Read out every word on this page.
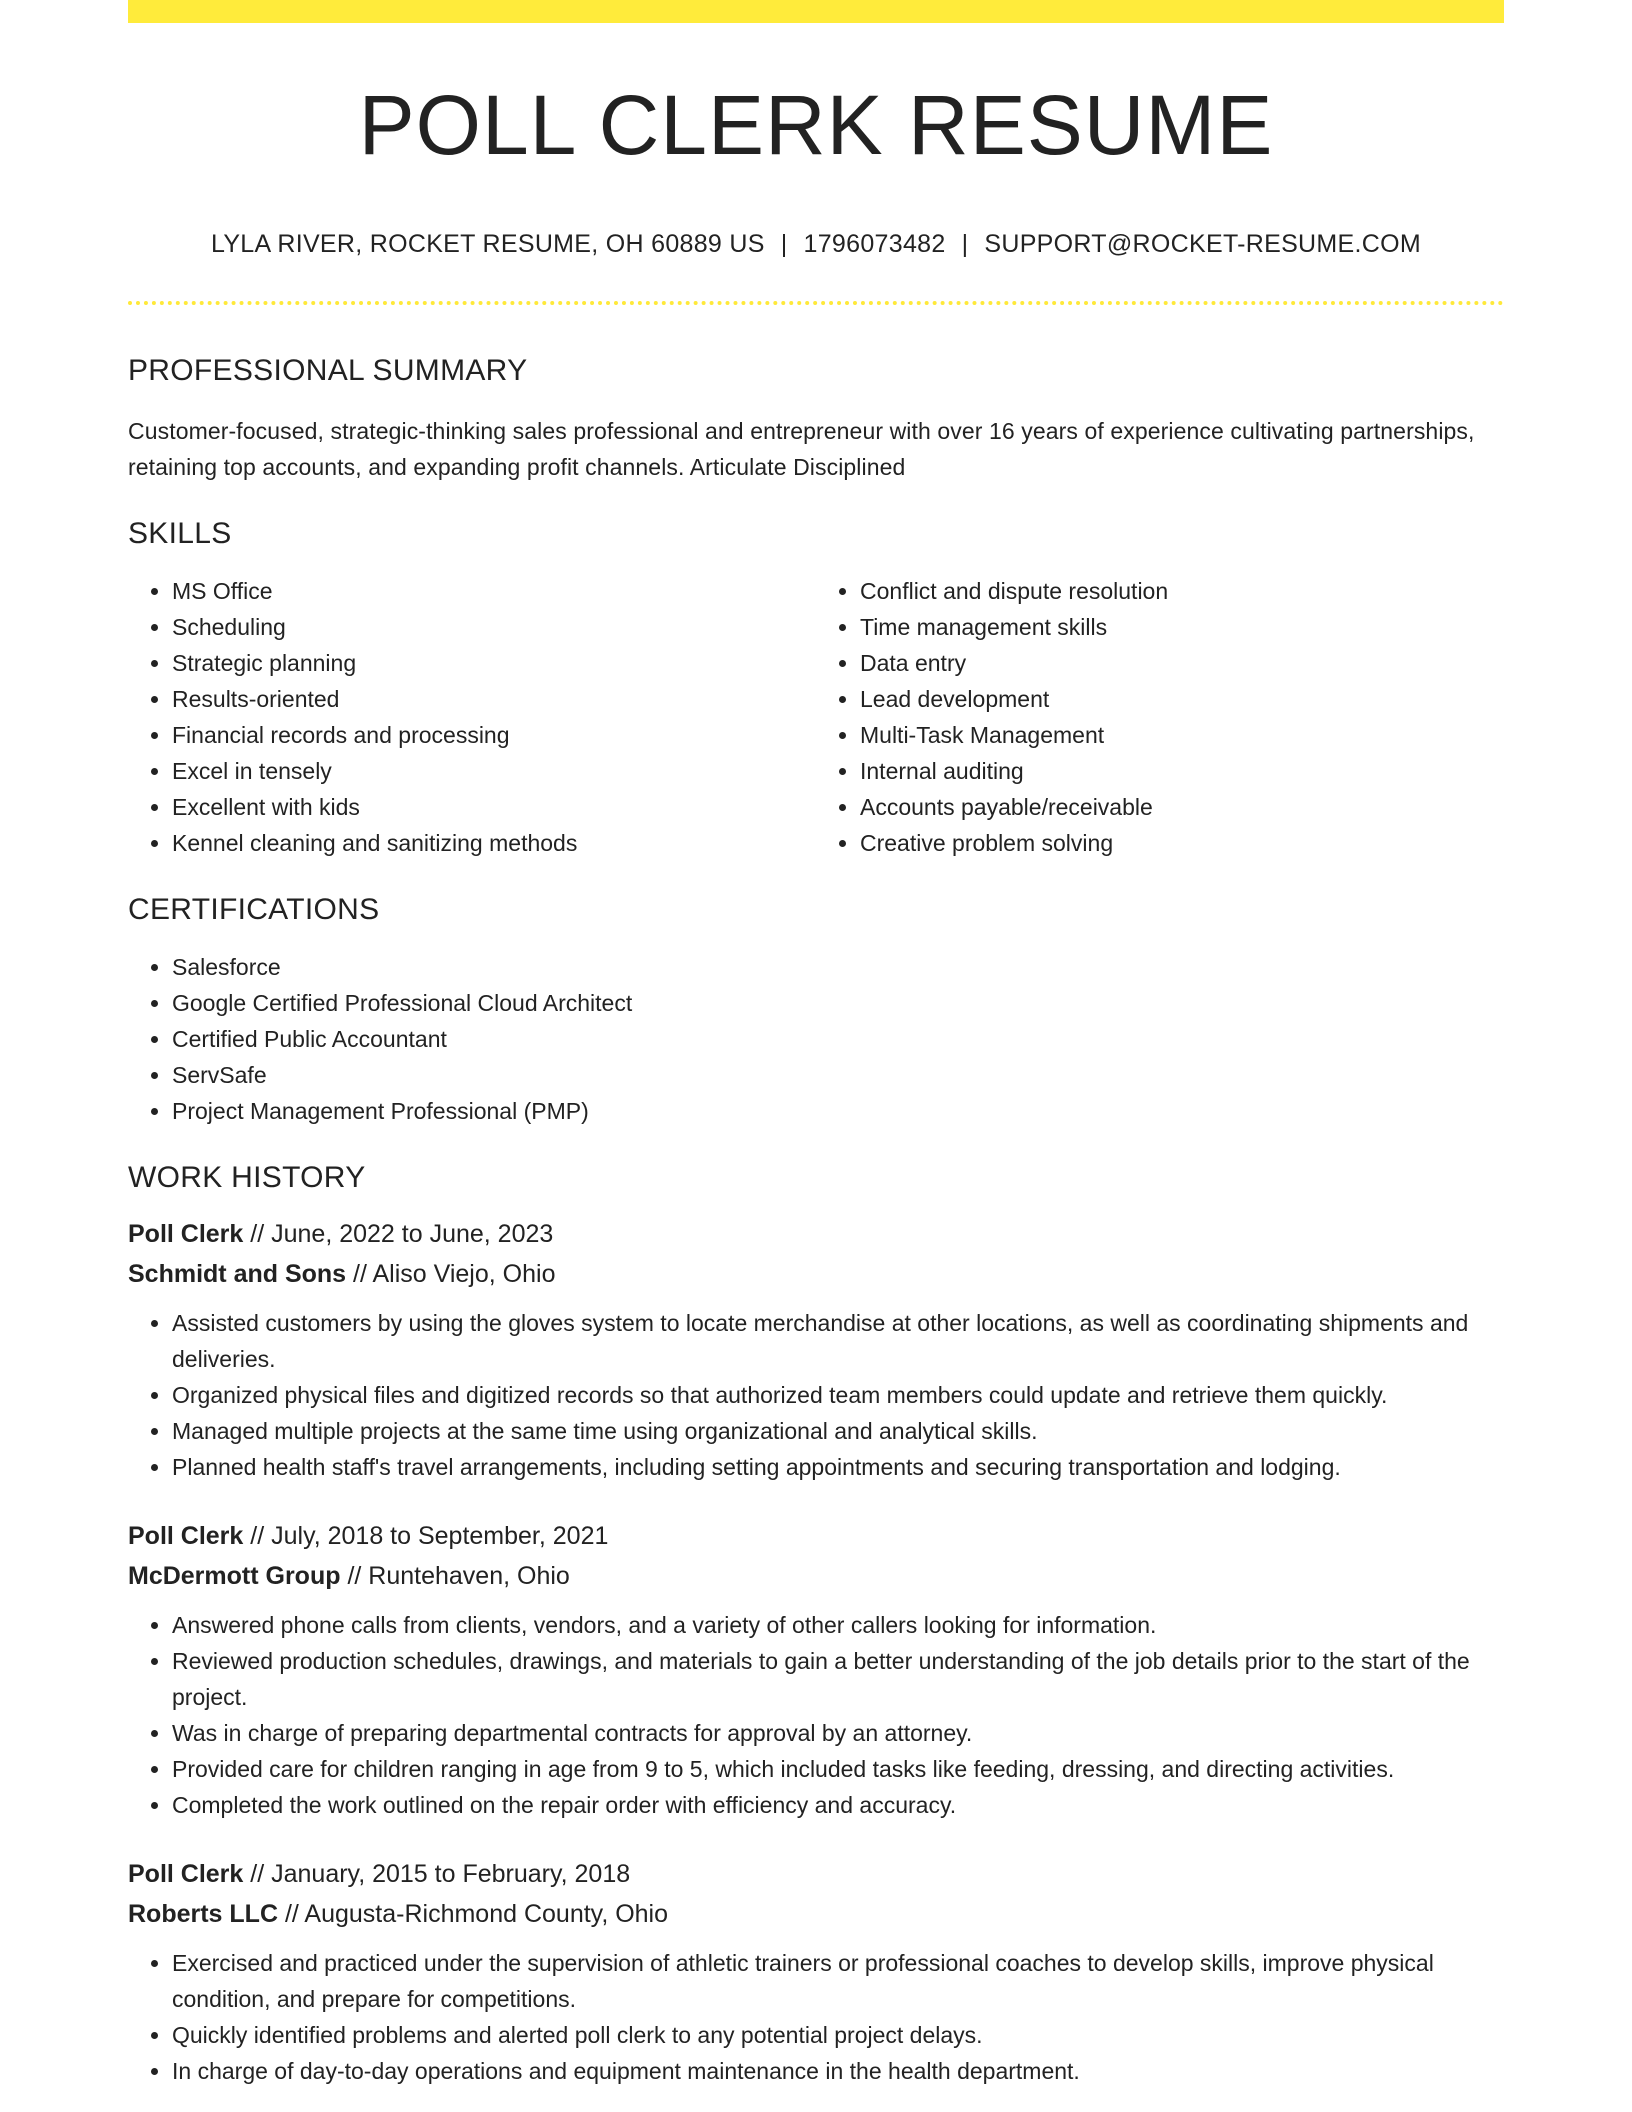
POLL CLERK RESUME
LYLA RIVER, ROCKET RESUME, OH 60889 US | 1796073482 | SUPPORT@ROCKET-RESUME.COM
PROFESSIONAL SUMMARY
Customer-focused, strategic-thinking sales professional and entrepreneur with over 16 years of experience cultivating partnerships, retaining top accounts, and expanding profit channels. Articulate Disciplined
SKILLS
• MS Office
• Scheduling
• Strategic planning
• Results-oriented
• Financial records and processing
• Excel in tensely
• Excellent with kids
• Kennel cleaning and sanitizing methods
• Conflict and dispute resolution
• Time management skills
• Data entry
• Lead development
• Multi-Task Management
• Internal auditing
• Accounts payable/receivable
• Creative problem solving
CERTIFICATIONS
• Salesforce
• Google Certified Professional Cloud Architect
• Certified Public Accountant
• ServSafe
• Project Management Professional (PMP)
WORK HISTORY
Poll Clerk // June, 2022 to June, 2023
Schmidt and Sons // Aliso Viejo, Ohio
• Assisted customers by using the gloves system to locate merchandise at other locations, as well as coordinating shipments and deliveries.
• Organized physical files and digitized records so that authorized team members could update and retrieve them quickly.
• Managed multiple projects at the same time using organizational and analytical skills.
• Planned health staff's travel arrangements, including setting appointments and securing transportation and lodging.
Poll Clerk // July, 2018 to September, 2021
McDermott Group // Runtehaven, Ohio
• Answered phone calls from clients, vendors, and a variety of other callers looking for information.
• Reviewed production schedules, drawings, and materials to gain a better understanding of the job details prior to the start of the project.
• Was in charge of preparing departmental contracts for approval by an attorney.
• Provided care for children ranging in age from 9 to 5, which included tasks like feeding, dressing, and directing activities.
• Completed the work outlined on the repair order with efficiency and accuracy.
Poll Clerk // January, 2015 to February, 2018
Roberts LLC // Augusta-Richmond County, Ohio
• Exercised and practiced under the supervision of athletic trainers or professional coaches to develop skills, improve physical condition, and prepare for competitions.
• Quickly identified problems and alerted poll clerk to any potential project delays.
• In charge of day-to-day operations and equipment maintenance in the health department.
